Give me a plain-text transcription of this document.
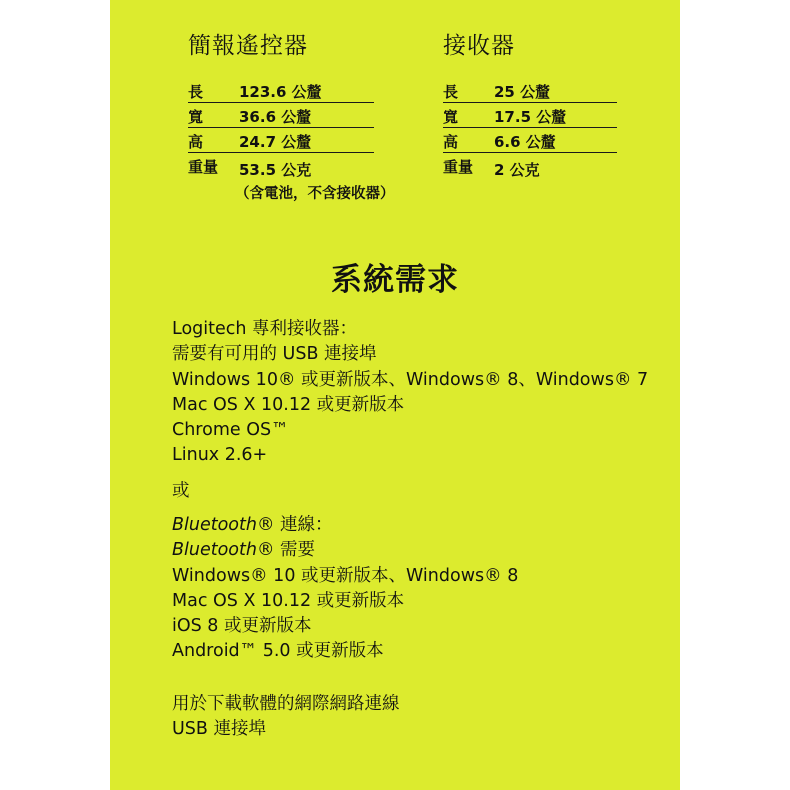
簡報遙控器
長 123.6 公釐
寬 36.6 公釐
高 24.7 公釐
重量 53.5 公克
（含電池，不含接收器）
接收器
長 25 公釐
寬 17.5 公釐
高 6.6 公釐
重量 2 公克
系統需求
Logitech 專利接收器：
需要有可用的 USB 連接埠
Windows 10® 或更新版本、Windows® 8、Windows® 7
Mac OS X 10.12 或更新版本
Chrome OS™
Linux 2.6+
或
Bluetooth® 連線：
Bluetooth® 需要
Windows® 10 或更新版本、Windows® 8
Mac OS X 10.12 或更新版本
iOS 8 或更新版本
Android™ 5.0 或更新版本
用於下載軟體的網際網路連線
USB 連接埠
